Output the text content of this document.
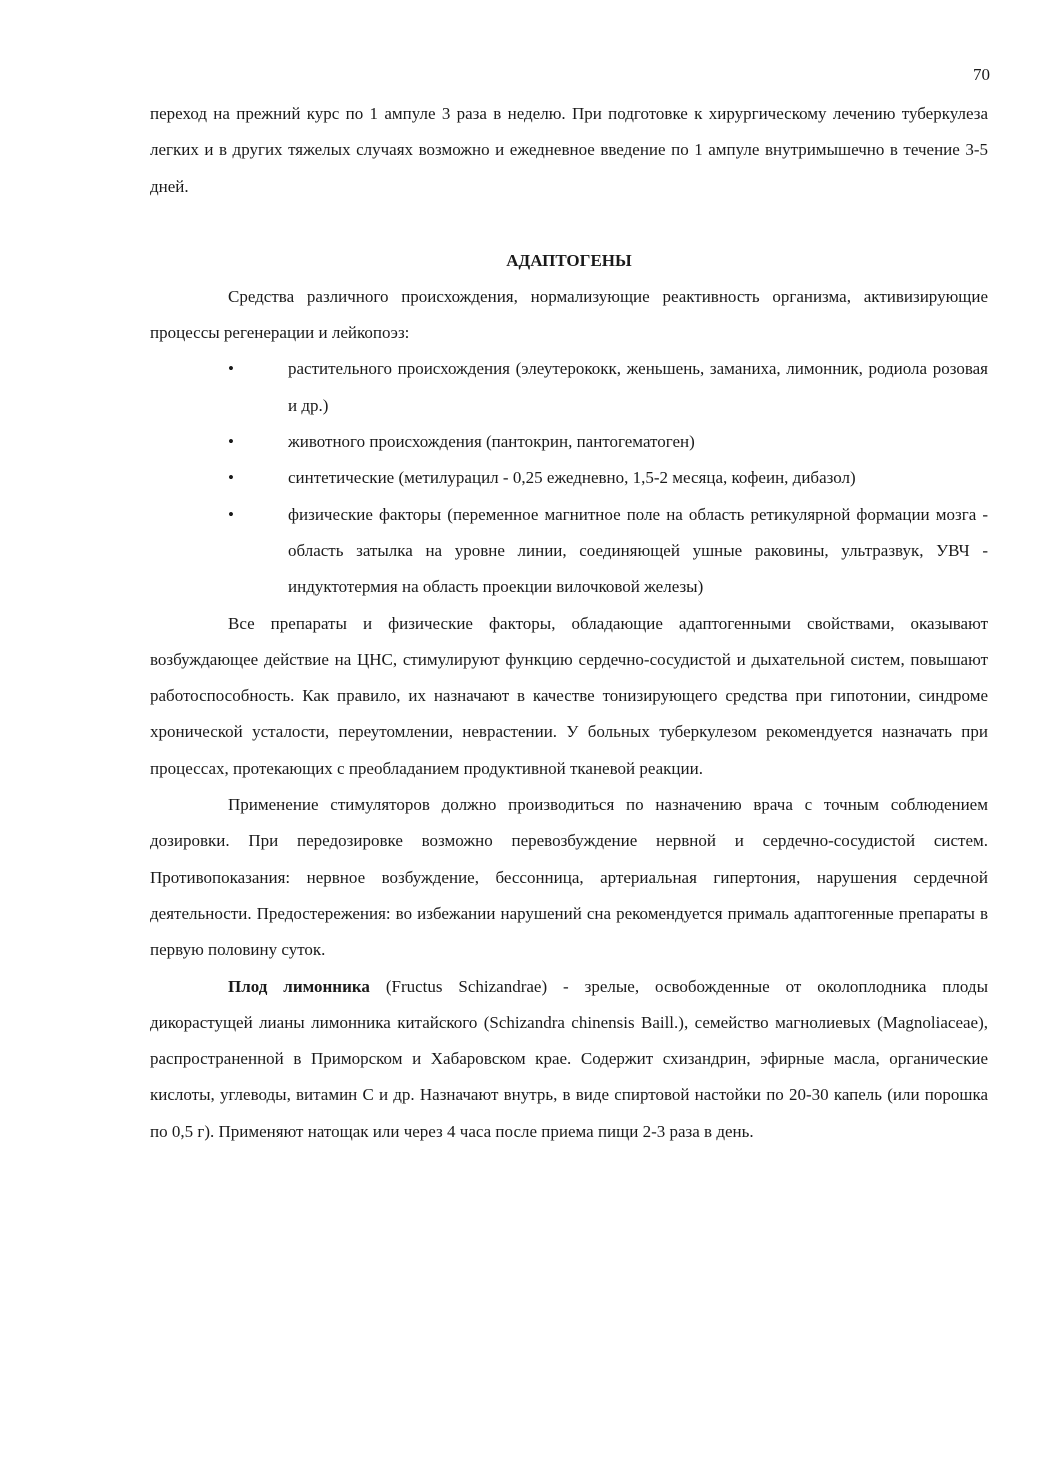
70

переход на прежний курс по 1 ампуле 3 раза в неделю. При подготовке к хирургическому лечению туберкулеза легких и в других тяжелых случаях возможно и ежедневное введение по 1 ампуле внутримышечно в течение 3-5 дней.

АДАПТОГЕНЫ

Средства различного происхождения, нормализующие реактивность организма, активизирующие процессы регенерации и лейкопоэз:

•	растительного происхождения (элеутерококк, женьшень, заманиха, лимонник, родиола розовая и др.)
•	животного происхождения (пантокрин, пантогематоген)
•	синтетические (метилурацил - 0,25 ежедневно, 1,5-2 месяца, кофеин, дибазол)
•	физические факторы (переменное магнитное поле на область ретикулярной формации мозга - область затылка на уровне линии, соединяющей ушные раковины, ультразвук, УВЧ - индуктотермия на область проекции вилочковой железы)

Все препараты и физические факторы, обладающие адаптогенными свойствами, оказывают возбуждающее действие на ЦНС, стимулируют функцию сердечно-сосудистой и дыхательной систем, повышают работоспособность. Как правило, их назначают в качестве тонизирующего средства при гипотонии, синдроме хронической усталости, переутомлении, неврастении. У больных туберкулезом рекомендуется назначать при процессах, протекающих с преобладанием продуктивной тканевой реакции.

Применение стимуляторов должно производиться по назначению врача с точным соблюдением дозировки. При передозировке возможно перевозбуждение нервной и сердечно-сосудистой систем. Противопоказания: нервное возбуждение, бессонница, артериальная гипертония, нарушения сердечной деятельности. Предостережения: во избежании нарушений сна рекомендуется прималь адаптогенные препараты в первую половину суток.

Плод лимонника (Fructus Schizandrae) - зрелые, освобожденные от околоплодника плоды дикорастущей лианы лимонника китайского (Schizandra chinensis Baill.), семейство магнолиевых (Magnoliaceae), распространенной в Приморском и Хабаровском крае. Содержит схизандрин, эфирные масла, органические кислоты, углеводы, витамин С и др. Назначают внутрь, в виде спиртовой настойки по 20-30 капель (или порошка по 0,5 г). Применяют натощак или через 4 часа после приема пищи 2-3 раза в день.
